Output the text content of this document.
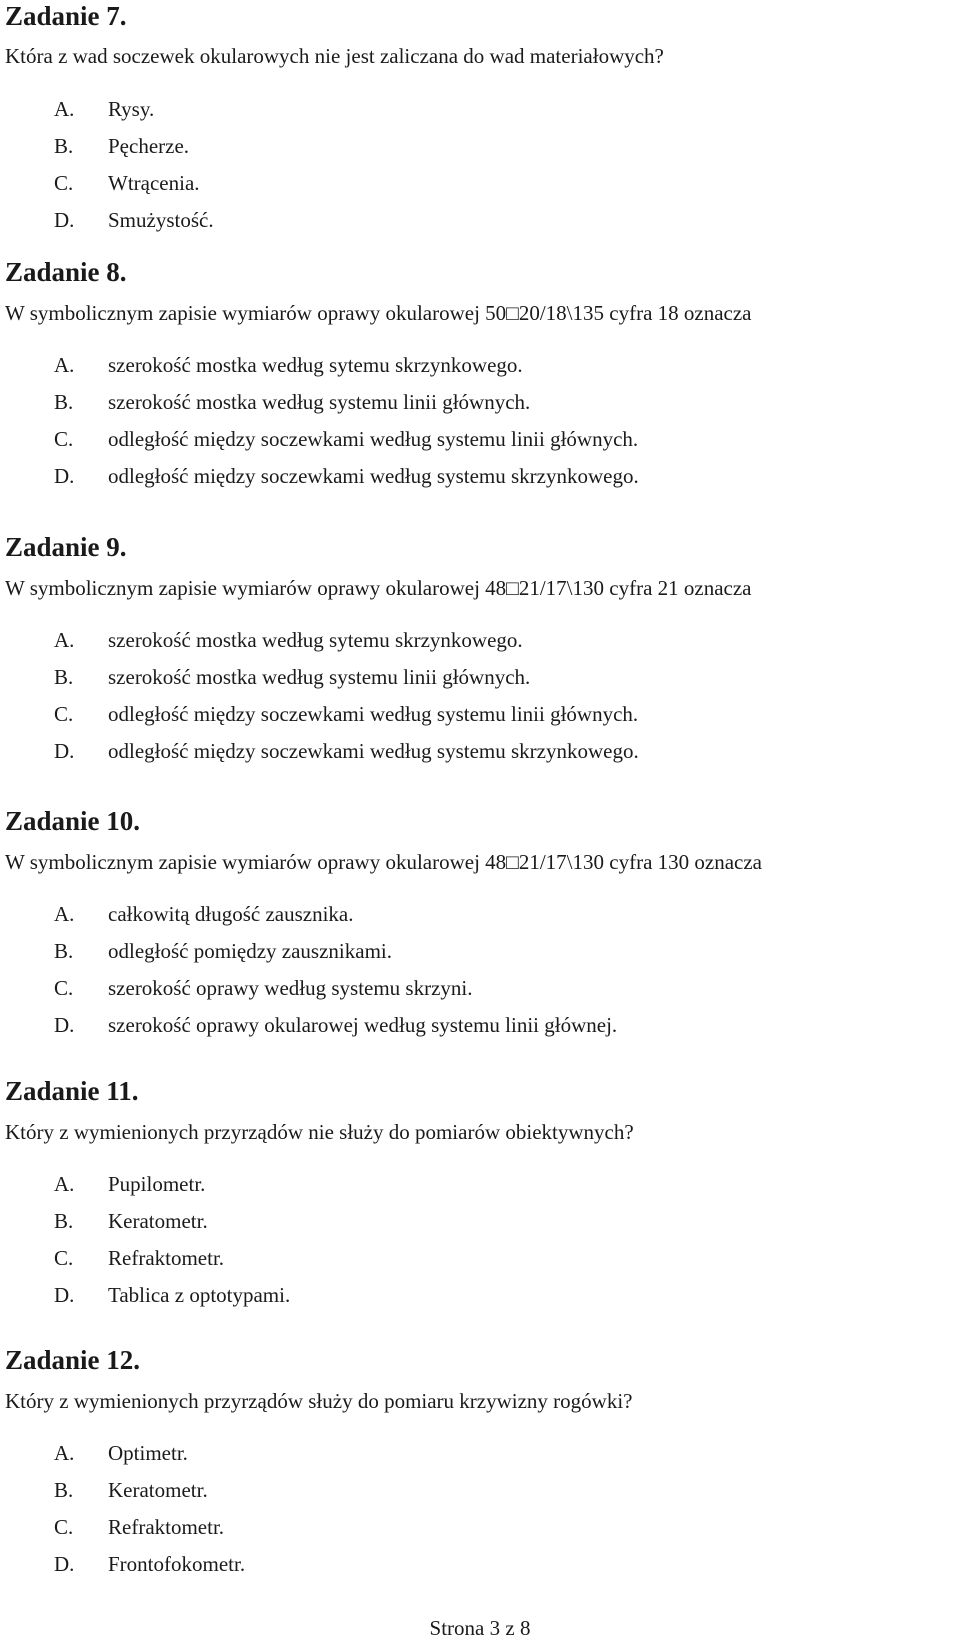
Zadanie 7.

Która z wad soczewek okularowych nie jest zaliczana do wad materiałowych?

A. Rysy.
B. Pęcherze.
C. Wtrącenia.
D. Smużystość.
Zadanie 8.

W symbolicznym zapisie wymiarów oprawy okularowej 50□20/18\135 cyfra 18 oznacza

A. szerokość mostka według sytemu skrzynkowego.
B. szerokość mostka według systemu linii głównych.
C. odległość między soczewkami według systemu linii głównych.
D. odległość między soczewkami według systemu skrzynkowego.
Zadanie 9.

W symbolicznym zapisie wymiarów oprawy okularowej 48□21/17\130 cyfra 21 oznacza

A. szerokość mostka według sytemu skrzynkowego.
B. szerokość mostka według systemu linii głównych.
C. odległość między soczewkami według systemu linii głównych.
D. odległość między soczewkami według systemu skrzynkowego.
Zadanie 10.

W symbolicznym zapisie wymiarów oprawy okularowej 48□21/17\130 cyfra 130 oznacza

A. całkowitą długość zausznika.
B. odległość pomiędzy zausznikami.
C. szerokość oprawy według systemu skrzyni.
D. szerokość oprawy okularowej według systemu linii głównej.
Zadanie 11.

Który z wymienionych przyrządów nie służy do pomiarów obiektywnych?

A. Pupilometr.
B. Keratometr.
C. Refraktometr.
D. Tablica z optotypami.
Zadanie 12.

Który z wymienionych przyrządów służy do pomiaru krzywizny rogówki?

A. Optimetr.
B. Keratometr.
C. Refraktometr.
D. Frontofokometr.
Strona 3 z 8
